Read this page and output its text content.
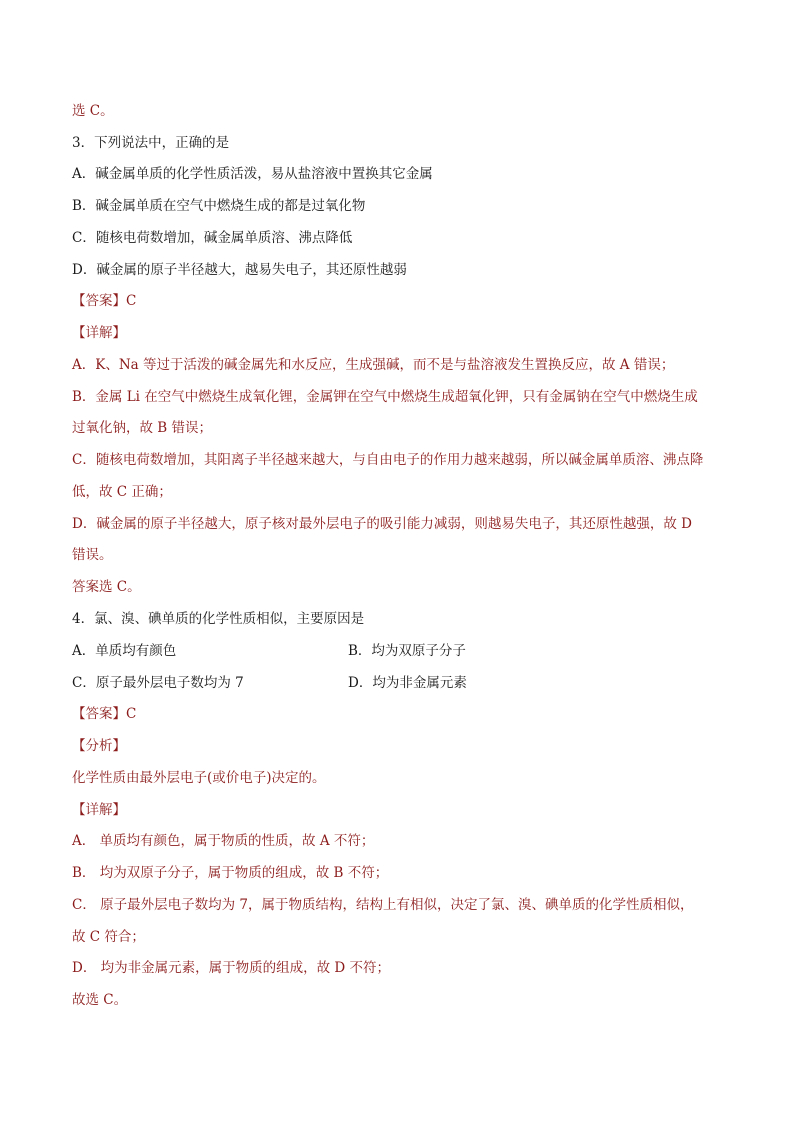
选 C。
3．下列说法中，正确的是
A．碱金属单质的化学性质活泼，易从盐溶液中置换其它金属
B．碱金属单质在空气中燃烧生成的都是过氧化物
C．随核电荷数增加，碱金属单质溶、沸点降低
D．碱金属的原子半径越大，越易失电子，其还原性越弱
【答案】C
【详解】
A．K、Na 等过于活泼的碱金属先和水反应，生成强碱，而不是与盐溶液发生置换反应，故 A 错误；
B．金属 Li 在空气中燃烧生成氧化锂，金属钾在空气中燃烧生成超氧化钾，只有金属钠在空气中燃烧生成
过氧化钠，故 B 错误；
C．随核电荷数增加，其阳离子半径越来越大，与自由电子的作用力越来越弱，所以碱金属单质溶、沸点降
低，故 C 正确；
D．碱金属的原子半径越大，原子核对最外层电子的吸引能力减弱，则越易失电子，其还原性越强，故 D
错误。
答案选 C。
4．氯、溴、碘单质的化学性质相似，主要原因是
A．单质均有颜色	B．均为双原子分子
C．原子最外层电子数均为 7	D．均为非金属元素
【答案】C
【分析】
化学性质由最外层电子(或价电子)决定的。
【详解】
A． 单质均有颜色，属于物质的性质，故 A 不符；
B． 均为双原子分子，属于物质的组成，故 B 不符；
C． 原子最外层电子数均为 7，属于物质结构，结构上有相似，决定了氯、溴、碘单质的化学性质相似，
故 C 符合；
D． 均为非金属元素，属于物质的组成，故 D 不符；
故选 C。
